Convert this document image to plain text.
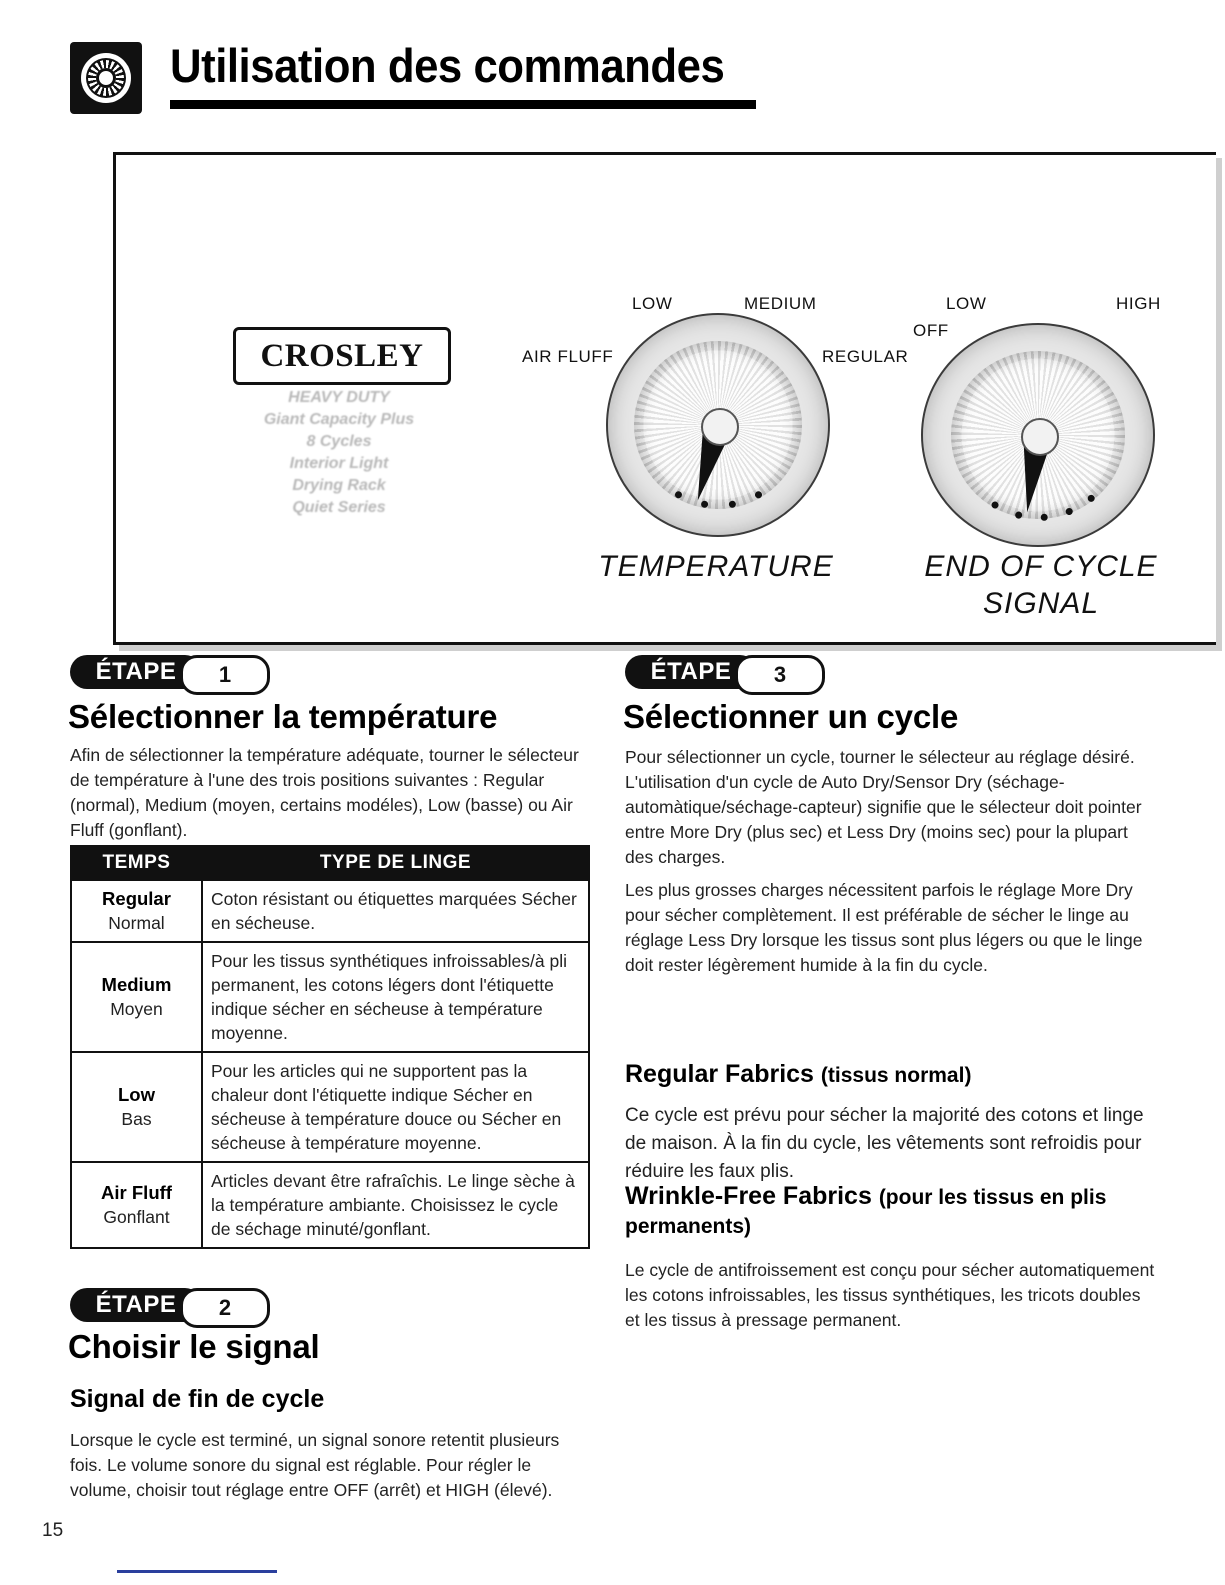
Utilisation des commandes
CROSLEY
HEAVY DUTY
Giant Capacity Plus
8 Cycles
Interior Light
Drying Rack
Quiet Series
LOW	MEDIUM
AIR FLUFF	REGULAR
TEMPERATURE
LOW	HIGH
OFF
END OF CYCLE
SIGNAL
ÉTAPE	1
Sélectionner la température

Afin de sélectionner la température adéquate, tourner le sélecteur de température à l'une des trois positions suivantes : Regular (normal), Medium (moyen, certains modéles), Low (basse) ou Air Fluff (gonflant).

TEMPS	TYPE DE LINGE

Regular
Normal	Coton résistant ou étiquettes marquées Sécher en sécheuse.

Medium
Moyen	Pour les tissus synthétiques infroissables/à pli permanent, les cotons légers dont l'étiquette indique sécher en sécheuse à température moyenne.

Low
Bas	Pour les articles qui ne supportent pas la chaleur dont l'étiquette indique Sécher en sécheuse à température douce ou Sécher en sécheuse à température moyenne.

Air Fluff
Gonflant	Articles devant être rafraîchis. Le linge sèche à la température ambiante. Choisissez le cycle de séchage minuté/gonflant.
ÉTAPE	2
Choisir le signal
Signal de fin de cycle

Lorsque le cycle est terminé, un signal sonore retentit plusieurs fois. Le volume sonore du signal est réglable. Pour régler le volume, choisir tout réglage entre OFF (arrêt) et HIGH (élevé).

ÉTAPE	3
Sélectionner un cycle

Pour sélectionner un cycle, tourner le sélecteur au réglage désiré. L'utilisation d'un cycle de Auto Dry/Sensor Dry (séchage-automàtique/séchage-capteur) signifie que le sélecteur doit pointer entre More Dry (plus sec) et Less Dry (moins sec) pour la plupart des charges.

Les plus grosses charges nécessitent parfois le réglage More Dry pour sécher complètement. Il est préférable de sécher le linge au réglage Less Dry lorsque les tissus sont plus légers ou que le linge doit rester légèrement humide à la fin du cycle.

Regular Fabrics (tissus normal)

Ce cycle est prévu pour sécher la majorité des cotons et linge de maison. À la fin du cycle, les vêtements sont refroidis pour réduire les faux plis.

Wrinkle-Free Fabrics (pour les tissus en plis permanents)

Le cycle de antifroissement est conçu pour sécher automatiquement les cotons infroissables, les tissus synthétiques, les tricots doubles et les tissus à pressage permanent.

15
